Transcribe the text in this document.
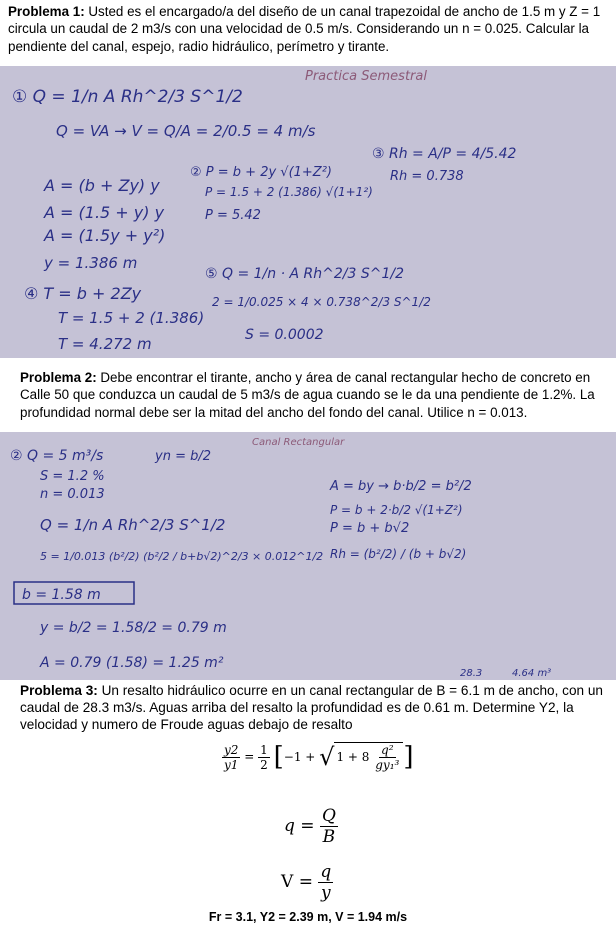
Problema 1: Usted es el encargado/a del diseño de un canal trapezoidal de ancho de 1.5 m y Z = 1 circula un caudal de 2 m3/s con una velocidad de 0.5 m/s. Considerando un n = 0.025. Calcular la pendiente del canal, espejo, radio hidráulico, perímetro y tirante.
Practica Semestral
① Q = 1/n A Rh^2/3 S^1/2
Q = VA → V = Q/A = 2/0.5 = 4 m/s
A = (b + Zy) y
A = (1.5 + y) y
A = (1.5y + y²)
y = 1.386 m
④ T = b + 2Zy
T = 1.5 + 2 (1.386)
T = 4.272 m
② P = b + 2y √(1+Z²)
P = 1.5 + 2 (1.386) √(1+1²)
P = 5.42
③ Rh = A/P = 4/5.42
Rh = 0.738
⑤ Q = 1/n · A Rh^2/3 S^1/2
2 = 1/0.025 × 4 × 0.738^2/3 S^1/2
S = 0.0002
Problema 2: Debe encontrar el tirante, ancho y área de canal rectangular hecho de concreto en Calle 50 que conduzca un caudal de 5 m3/s de agua cuando se le da una pendiente de 1.2%. La profundidad normal debe ser la mitad del ancho del fondo del canal. Utilice n = 0.013.
Canal Rectangular
② Q = 5 m³/s
S = 1.2 %
n = 0.013
yn = b/2
Q = 1/n A Rh^2/3 S^1/2
5 = 1/0.013 (b²/2) (b²/2 / b+b√2)^2/3 × 0.012^1/2
b = 1.58 m
y = b/2 = 1.58/2 = 0.79 m
A = 0.79 (1.58) = 1.25 m²
A = by → b·b/2 = b²/2
P = b + 2·b/2 √(1+Z²)
P = b + b√2
Rh = (b²/2) / (b + b√2)
28.3	4.64 m³
Problema 3: Un resalto hidráulico ocurre en un canal rectangular de B = 6.1 m de ancho, con un caudal de 28.3 m3/s. Aguas arriba del resalto la profundidad es de 0.61 m. Determine Y2, la velocidad y numero de Froude aguas debajo de resalto
$\frac{y2}{y1} = \frac{1}{2} [-1$ + √ $1 + 8 \frac{\text{q²}}{\text{gy₁³}}$ ]
$q = \frac{Q}{B}$
$V = \frac{q}{y}$
Fr = 3.1, Y2 = 2.39 m, V = 1.94 m/s
